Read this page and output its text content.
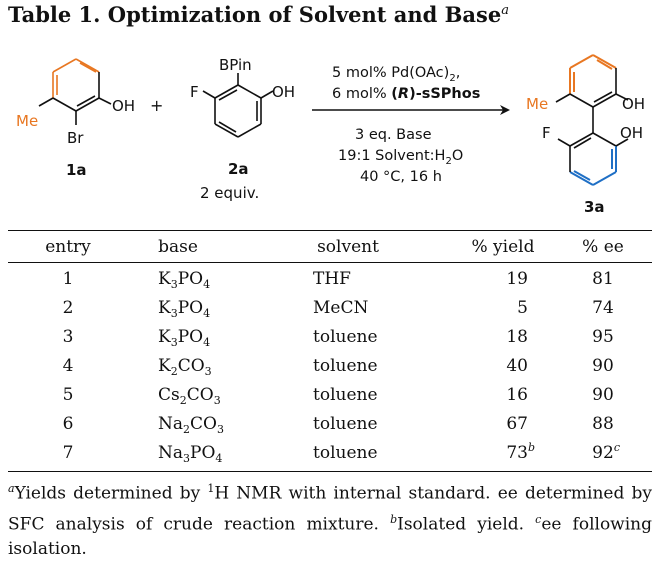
Table 1. Optimization of Solvent and Base$^a$
Me
OH
Br
1a
+
BPin
F	OH
2a
2 equiv.
5 mol% $Pd(OAc)_2$,
6 mol% (R)-sSPhos
3 eq. Base
19:1 $Solvent:H_2O$
40 °C, 16 h
Me	OH
F	OH
3a
entry	base	solvent	% yield	% ee
1	$K_3PO_4$	THF	19	81
2	$K_3PO_4$	MeCN	5	74
3	$K_3PO_4$	toluene	18	95
4	$K_2CO_3$	toluene	40	90
5	$Cs_2CO_3$	toluene	16	90
6	$Na_2CO_3$	toluene	67	88
7	$Na_3PO_4$	toluene	73 b	92 c
$^a$Yields determined by $^1$H NMR with internal standard. ee determined by SFC analysis of crude reaction mixture. $^b$Isolated yield. $^c$ee following isolation.
